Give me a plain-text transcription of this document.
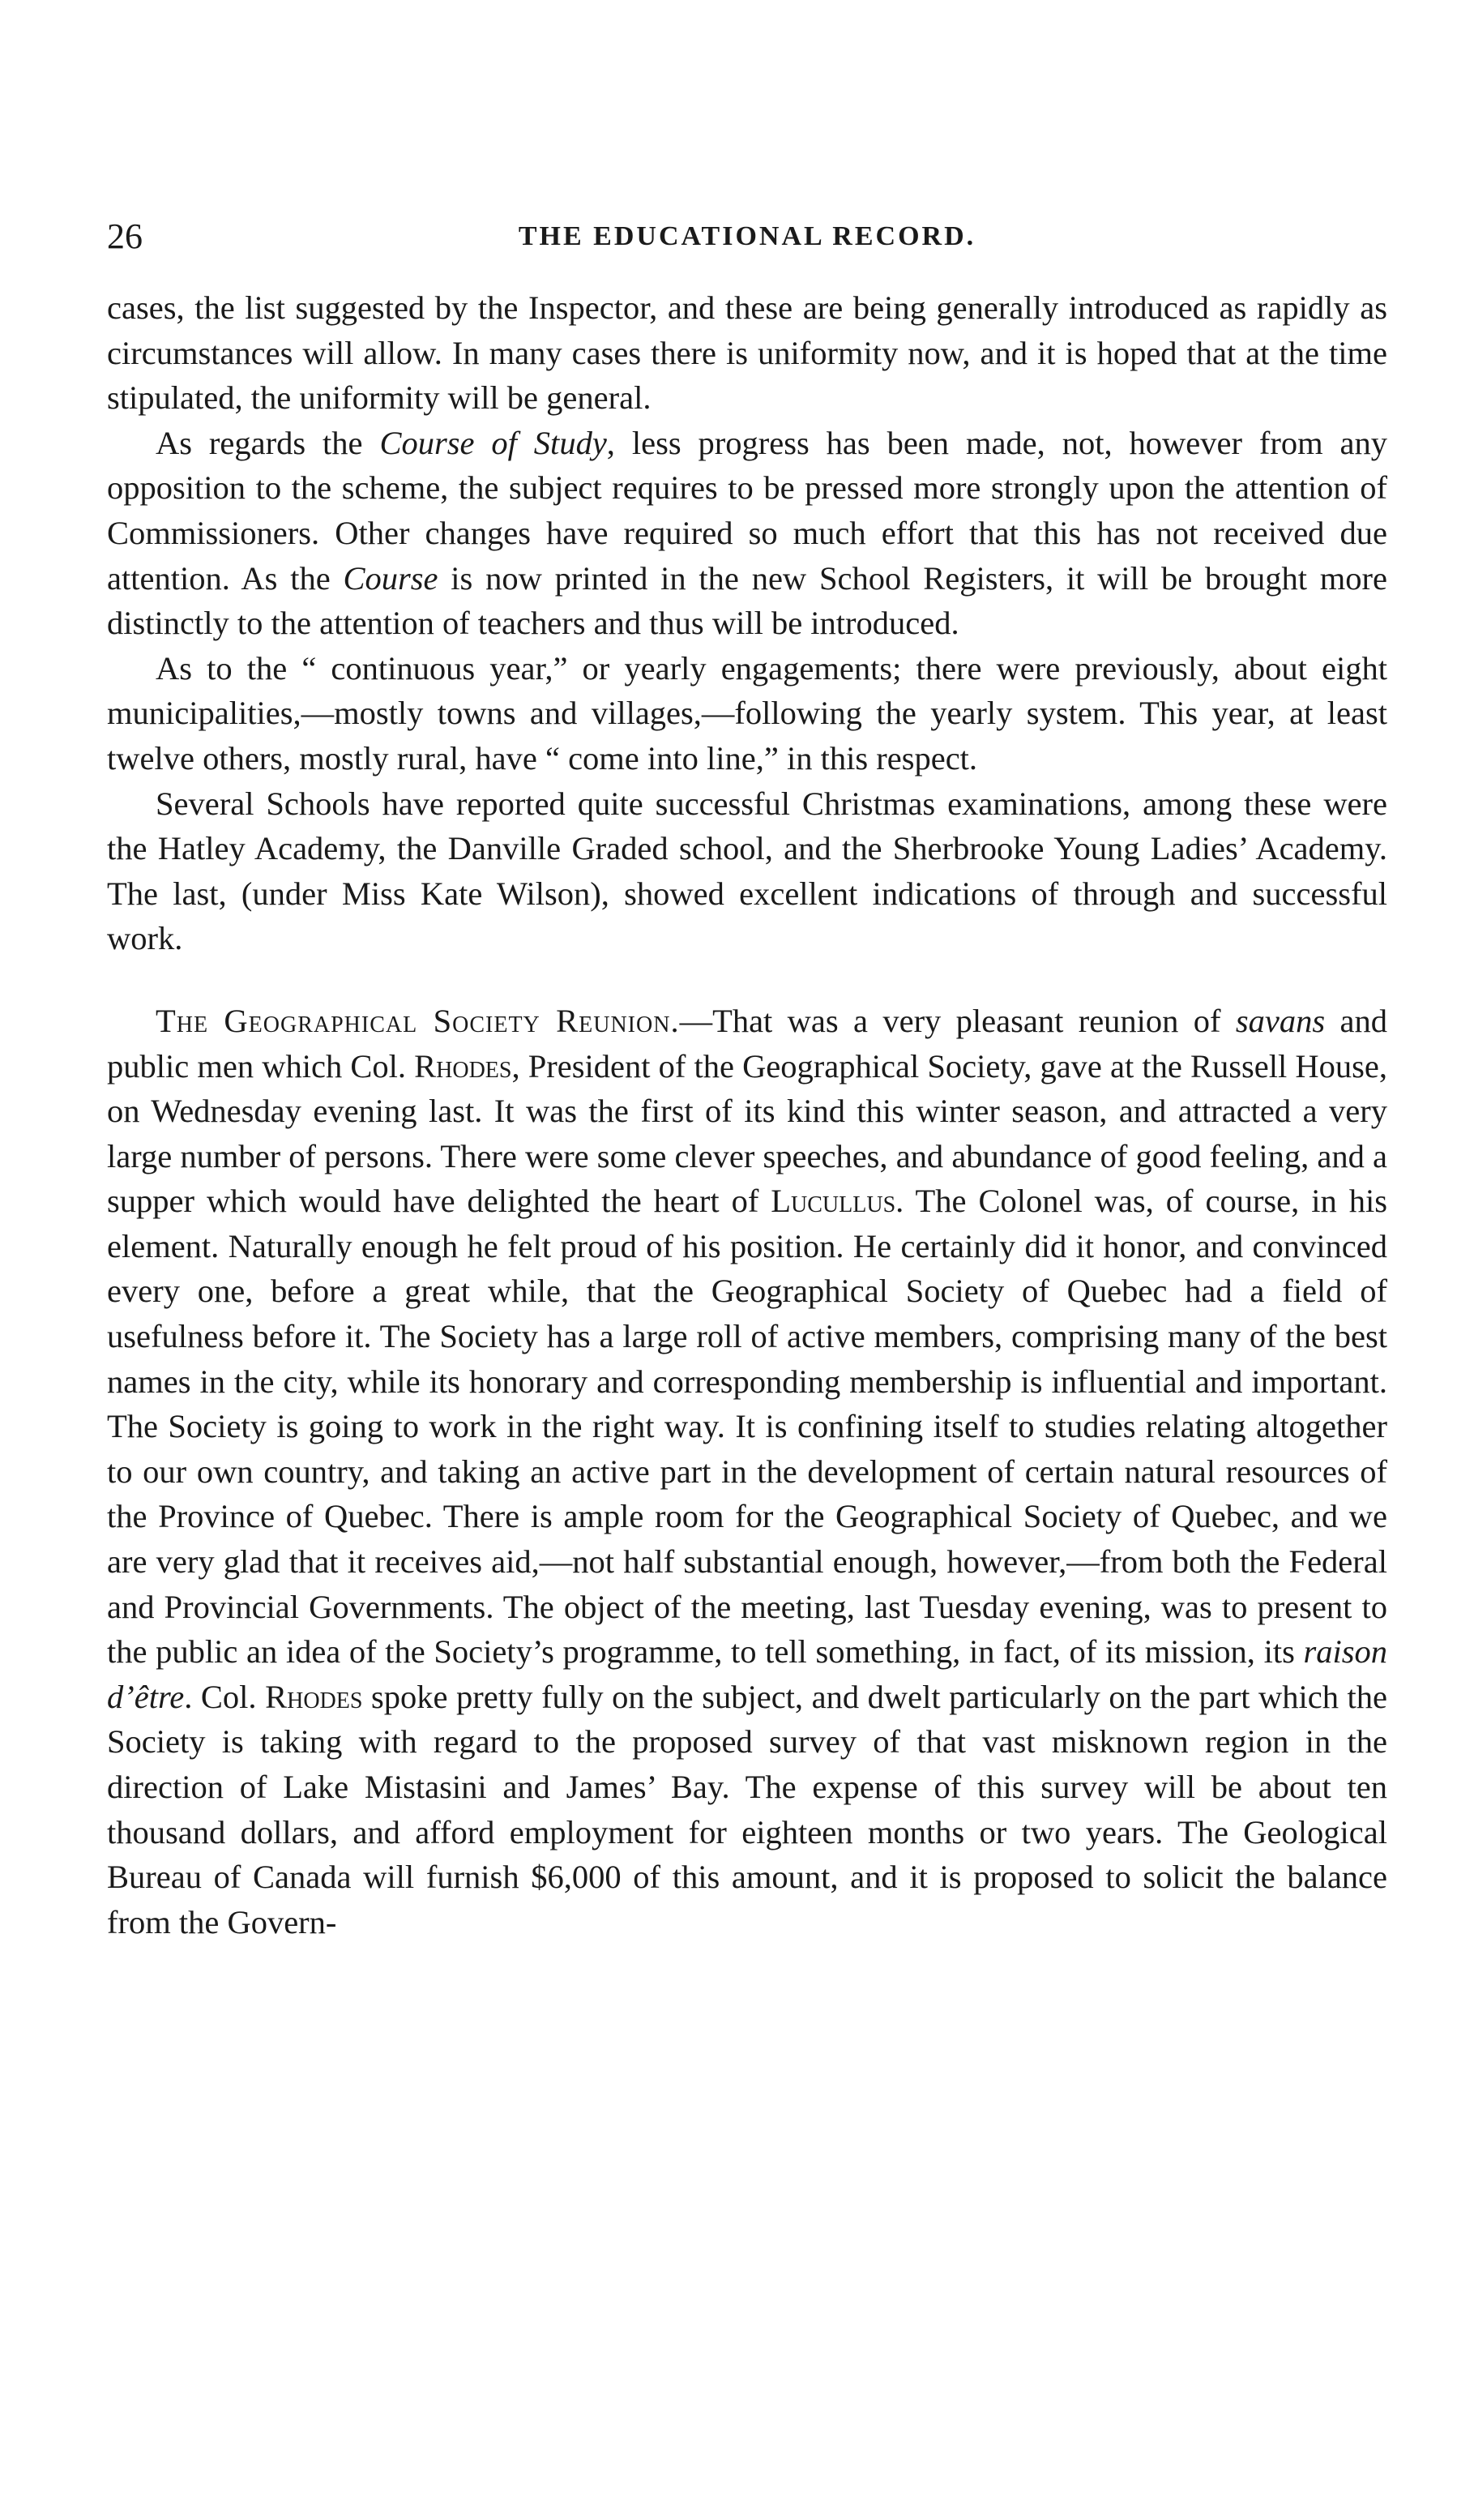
26	THE EDUCATIONAL RECORD.

cases, the list suggested by the Inspector, and these are being generally introduced as rapidly as circumstances will allow. In many cases there is uniformity now, and it is hoped that at the time stipulated, the uniformity will be general.

As regards the Course of Study, less progress has been made, not, however from any opposition to the scheme, the subject requires to be pressed more strongly upon the attention of Commissioners. Other changes have required so much effort that this has not received due attention. As the Course is now printed in the new School Registers, it will be brought more distinctly to the attention of teachers and thus will be introduced.

As to the “ continuous year,” or yearly engagements; there were previously, about eight municipalities,—mostly towns and villages,—following the yearly system. This year, at least twelve others, mostly rural, have “ come into line,” in this respect.

Several Schools have reported quite successful Christmas examinations, among these were the Hatley Academy, the Danville Graded school, and the Sherbrooke Young Ladies’ Academy. The last, (under Miss Kate Wilson), showed excellent indications of through and successful work.

The Geographical Society Reunion.—That was a very pleasant reunion of savans and public men which Col. Rhodes, President of the Geographical Society, gave at the Russell House, on Wednesday evening last. It was the first of its kind this winter season, and attracted a very large number of persons. There were some clever speeches, and abundance of good feeling, and a supper which would have delighted the heart of Lucullus. The Colonel was, of course, in his element. Naturally enough he felt proud of his position. He certainly did it honor, and convinced every one, before a great while, that the Geographical Society of Quebec had a field of usefulness before it. The Society has a large roll of active members, comprising many of the best names in the city, while its honorary and corresponding membership is influential and important. The Society is going to work in the right way. It is confining itself to studies relating altogether to our own country, and taking an active part in the development of certain natural resources of the Province of Quebec. There is ample room for the Geographical Society of Quebec, and we are very glad that it receives aid,—not half substantial enough, however,—from both the Federal and Provincial Governments. The object of the meeting, last Tuesday evening, was to present to the public an idea of the Society’s programme, to tell something, in fact, of its mission, its raison d’être. Col. Rhodes spoke pretty fully on the subject, and dwelt particularly on the part which the Society is taking with regard to the proposed survey of that vast misknown region in the direction of Lake Mistasini and James’ Bay. The expense of this survey will be about ten thousand dollars, and afford employment for eighteen months or two years. The Geological Bureau of Canada will furnish $6,000 of this amount, and it is proposed to solicit the balance from the Govern-
